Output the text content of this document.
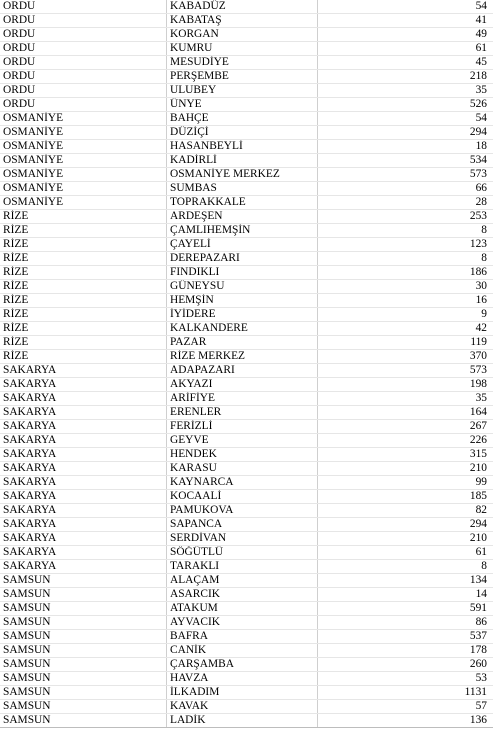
ORDU	KABADÜZ	54	
ORDU	KABATAŞ	41	
ORDU	KORGAN	49	
ORDU	KUMRU	61	
ORDU	MESUDİYE	45	
ORDU	PERŞEMBE	218	
ORDU	ULUBEY	35	
ORDU	ÜNYE	526	
OSMANİYE	BAHÇE	54	
OSMANİYE	DÜZİÇİ	294	
OSMANİYE	HASANBEYLİ	18	
OSMANİYE	KADİRLİ	534	
OSMANİYE	OSMANİYE MERKEZ	573	
OSMANİYE	SUMBAS	66	
OSMANİYE	TOPRAKKALE	28	
RİZE	ARDEŞEN	253	
RİZE	ÇAMLIHEMŞİN	8	
RİZE	ÇAYELİ	123	
RİZE	DEREPAZARI	8	
RİZE	FINDIKLI	186	
RİZE	GÜNEYSU	30	
RİZE	HEMŞİN	16	
RİZE	İYİDERE	9	
RİZE	KALKANDERE	42	
RİZE	PAZAR	119	
RİZE	RİZE MERKEZ	370	
SAKARYA	ADAPAZARI	573	
SAKARYA	AKYAZI	198	
SAKARYA	ARİFİYE	35	
SAKARYA	ERENLER	164	
SAKARYA	FERİZLİ	267	
SAKARYA	GEYVE	226	
SAKARYA	HENDEK	315	
SAKARYA	KARASU	210	
SAKARYA	KAYNARCA	99	
SAKARYA	KOCAALİ	185	
SAKARYA	PAMUKOVA	82	
SAKARYA	SAPANCA	294	
SAKARYA	SERDİVAN	210	
SAKARYA	SÖĞÜTLÜ	61	
SAKARYA	TARAKLI	8	
SAMSUN	ALAÇAM	134	
SAMSUN	ASARCIK	14	
SAMSUN	ATAKUM	591	
SAMSUN	AYVACIK	86	
SAMSUN	BAFRA	537	
SAMSUN	CANİK	178	
SAMSUN	ÇARŞAMBA	260	
SAMSUN	HAVZA	53	
SAMSUN	İLKADIM	1131	
SAMSUN	KAVAK	57	
SAMSUN	LADİK	136	
